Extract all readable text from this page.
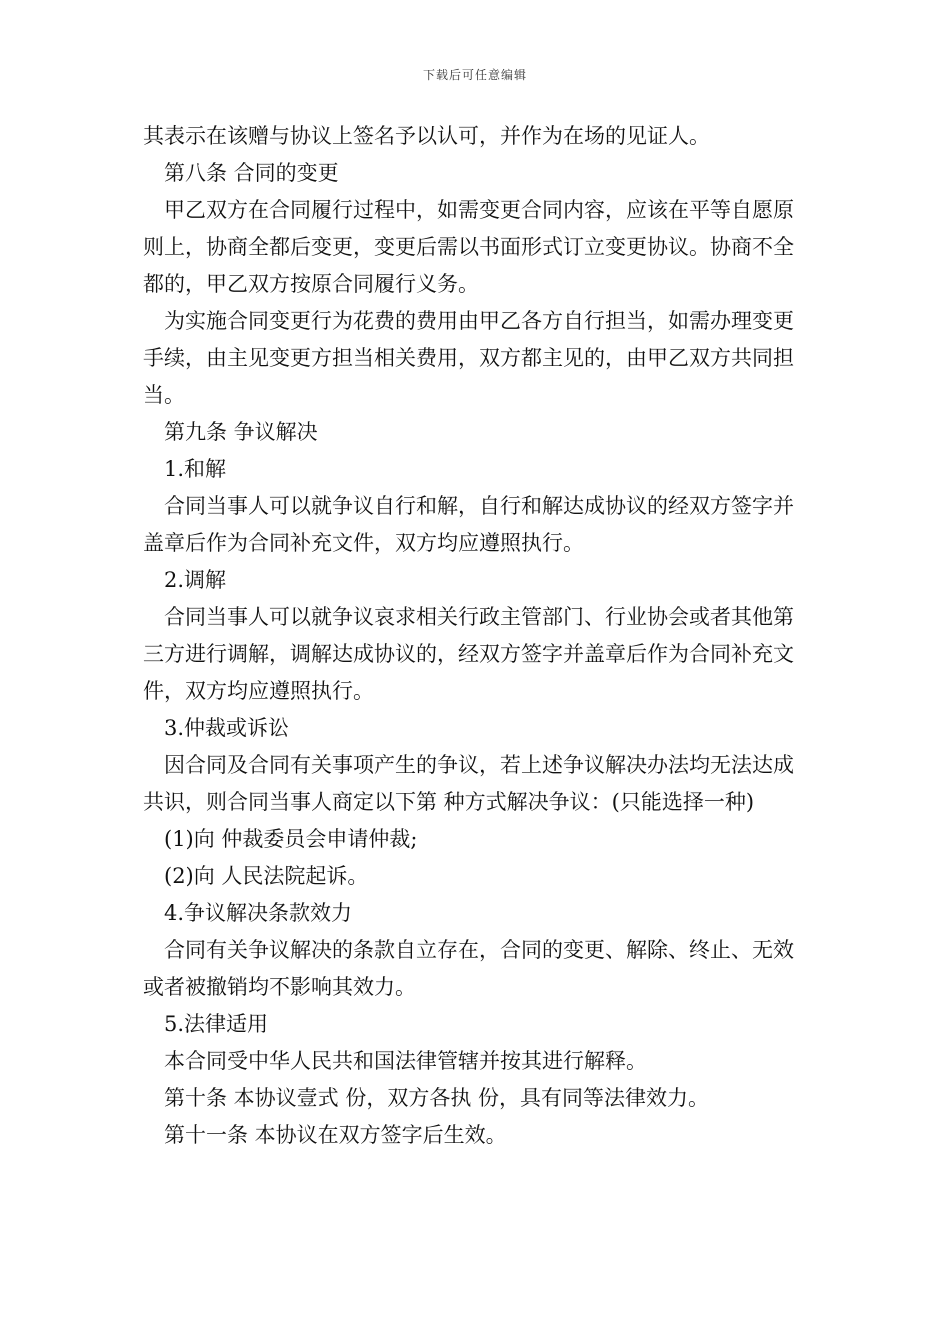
下载后可任意编辑

其表示在该赠与协议上签名予以认可，并作为在场的见证人。

第八条 合同的变更

甲乙双方在合同履行过程中，如需变更合同内容，应该在平等自愿原则上，协商全都后变更，变更后需以书面形式订立变更协议。协商不全都的，甲乙双方按原合同履行义务。

为实施合同变更行为花费的费用由甲乙各方自行担当，如需办理变更手续，由主见变更方担当相关费用，双方都主见的，由甲乙双方共同担当。

第九条 争议解决

1.和解

合同当事人可以就争议自行和解，自行和解达成协议的经双方签字并盖章后作为合同补充文件，双方均应遵照执行。

2.调解

合同当事人可以就争议哀求相关行政主管部门、行业协会或者其他第三方进行调解，调解达成协议的，经双方签字并盖章后作为合同补充文件，双方均应遵照执行。

3.仲裁或诉讼

因合同及合同有关事项产生的争议，若上述争议解决办法均无法达成共识，则合同当事人商定以下第 种方式解决争议：(只能选择一种)

(1)向 仲裁委员会申请仲裁;

(2)向 人民法院起诉。

4.争议解决条款效力

合同有关争议解决的条款自立存在，合同的变更、解除、终止、无效或者被撤销均不影响其效力。

5.法律适用

本合同受中华人民共和国法律管辖并按其进行解释。

第十条 本协议壹式 份，双方各执 份，具有同等法律效力。

第十一条 本协议在双方签字后生效。
